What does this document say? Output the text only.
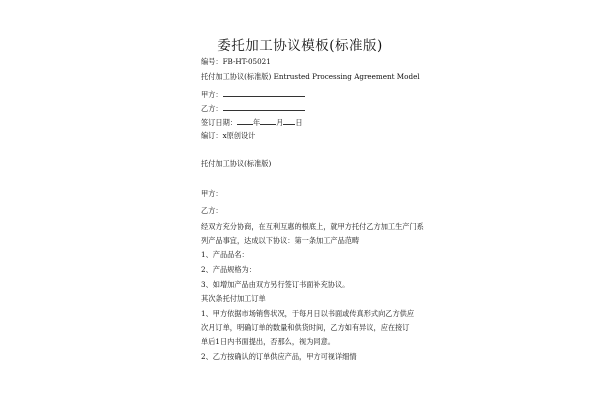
委托加工协议模板(标准版)
编号：FB-HT-05021
托付加工协议(标准版) Entrusted Processing Agreement Model
甲方：
乙方：
签订日期： 年 月 日
编订：x原创设计
托付加工协议(标准版)
甲方：
乙方：
经双方充分协商，在互利互惠的根底上，就甲方托付乙方加工生产门系
列产品事宜，达成以下协议：第一条加工产品范畴
1、产品品名：
2、产品规格为：
3、如增加产品由双方另行签订书面补充协议。
其次条托付加工订单
1、甲方依据市场销售状况，于每月日以书面或传真形式向乙方供应
次月订单，明确订单的数量和供货时间，乙方如有异议，应在接订
单后1日内书面提出，否那么，视为同意。
2、乙方按确认的订单供应产品，甲方可视详细情
